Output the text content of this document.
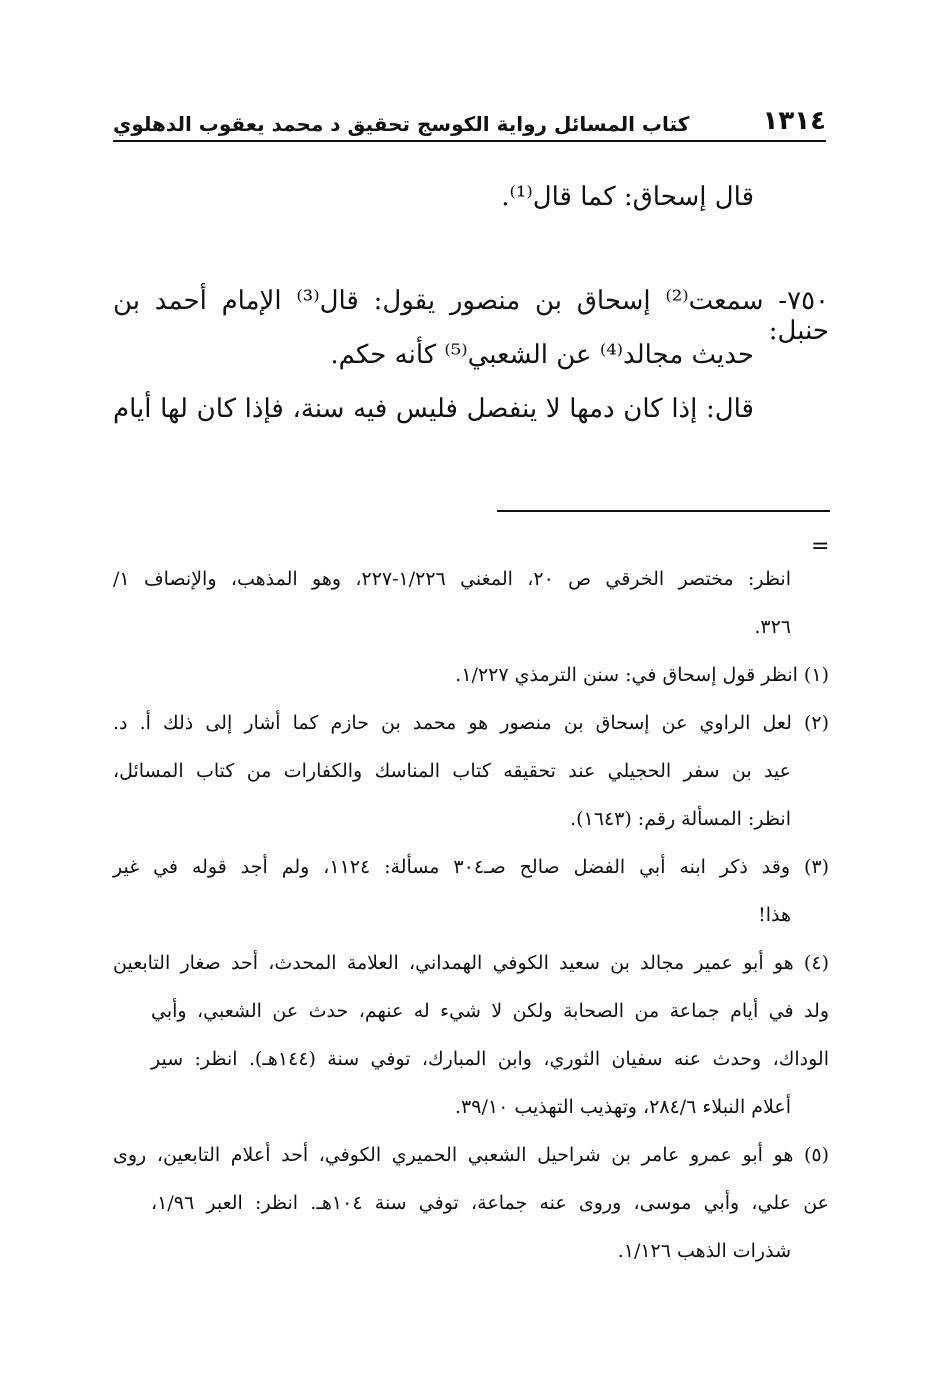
١٣١٤
كتاب المسائل رواية الكوسج تحقيق د محمد يعقوب الدهلوي
قال إسحاق: كما قال⁽¹⁾.
٧٥٠- سمعت⁽²⁾ إسحاق بن منصور يقول: قال⁽³⁾ الإمام أحمد بن حنبل:
حديث مجالد⁽⁴⁾ عن الشعبي⁽⁵⁾ كأنه حكم.
قال: إذا كان دمها لا ينفصل فليس فيه سنة، فإذا كان لها أيام
=
انظر: مختصر الخرقي ص ٢٠، المغني ١/٢٢٦-٢٢٧، وهو المذهب، والإنصاف ١/
٣٢٦.
(١) انظر قول إسحاق في: سنن الترمذي ١/٢٢٧.
(٢) لعل الراوي عن إسحاق بن منصور هو محمد بن حازم كما أشار إلى ذلك أ. د.
عيد بن سفر الحجيلي عند تحقيقه كتاب المناسك والكفارات من كتاب المسائل،
انظر: المسألة رقم: (١٦٤٣).
(٣) وقد ذكر ابنه أبي الفضل صالح صـ٣٠٤ مسألة: ١١٢٤، ولم أجد قوله في غير
هذا!
(٤) هو أبو عمير مجالد بن سعيد الكوفي الهمداني، العلامة المحدث، أحد صغار التابعين
ولد في أيام جماعة من الصحابة ولكن لا شيء له عنهم، حدث عن الشعبي، وأبي
الوداك، وحدث عنه سفيان الثوري، وابن المبارك، توفي سنة (١٤٤هـ). انظر: سير
أعلام النبلاء ٢٨٤/٦، وتهذيب التهذيب ٣٩/١٠.
(٥) هو أبو عمرو عامر بن شراحيل الشعبي الحميري الكوفي، أحد أعلام التابعين، روى
عن علي، وأبي موسى، وروى عنه جماعة، توفي سنة ١٠٤هـ. انظر: العبر ١/٩٦،
شذرات الذهب ١/١٢٦.
